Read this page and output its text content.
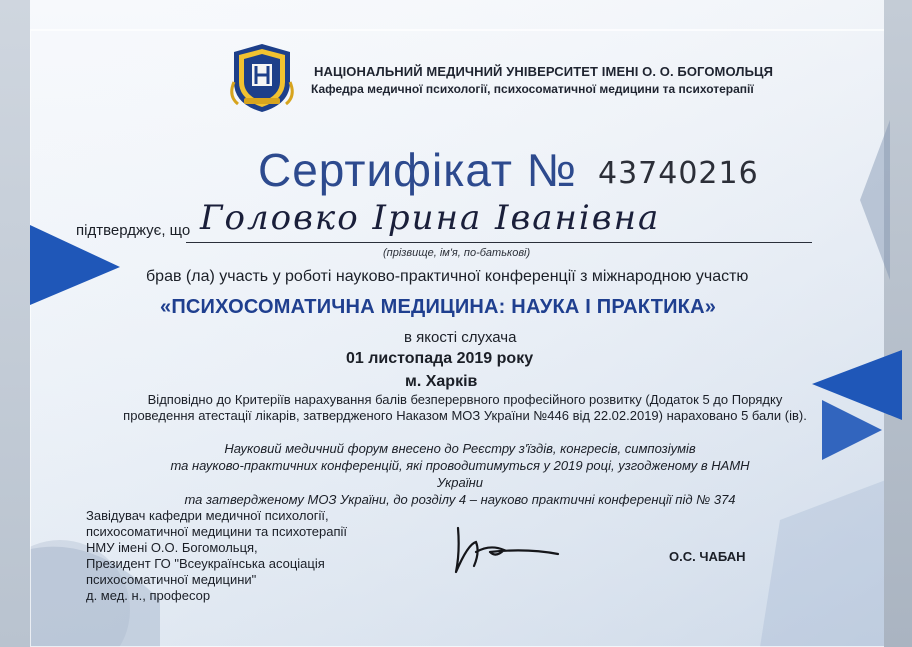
НАЦІОНАЛЬНИЙ МЕДИЧНИЙ УНІВЕРСИТЕТ ІМЕНІ О. О. БОГОМОЛЬЦЯ
Кафедра медичної психології, психосоматичної медицини та психотерапії
Сертифікат № 43740216
підтверджує, що Головко Ірина Іванівна
(прізвище, ім'я, по-батькові)
брав (ла) участь у роботі науково-практичної конференції з міжнародною участю
«ПСИХОСОМАТИЧНА МЕДИЦИНА: НАУКА І ПРАКТИКА»
в якості слухача
01 листопада 2019 року
м. Харків
Відповідно до Критеріїв нарахування балів безперервного професійного розвитку (Додаток 5 до Порядку
проведення атестації лікарів, затвердженого Наказом МОЗ України №446 від 22.02.2019) нараховано 5 бали (ів).
Науковий медичний форум внесено до Реєстру з'їздів, конгресів, симпозіумів
та науково-практичних конференцій, які проводитимуться у 2019 році, узгодженому в НАМН України
та затвердженому МОЗ України, до розділу 4 – науково практичні конференції під № 374
Завідувач кафедри медичної психології,
психосоматичної медицини та психотерапії
НМУ імені О.О. Богомольця,
Президент ГО "Всеукраїнська асоціація
психосоматичної медицини"
д. мед. н., професор
О.С. ЧАБАН
